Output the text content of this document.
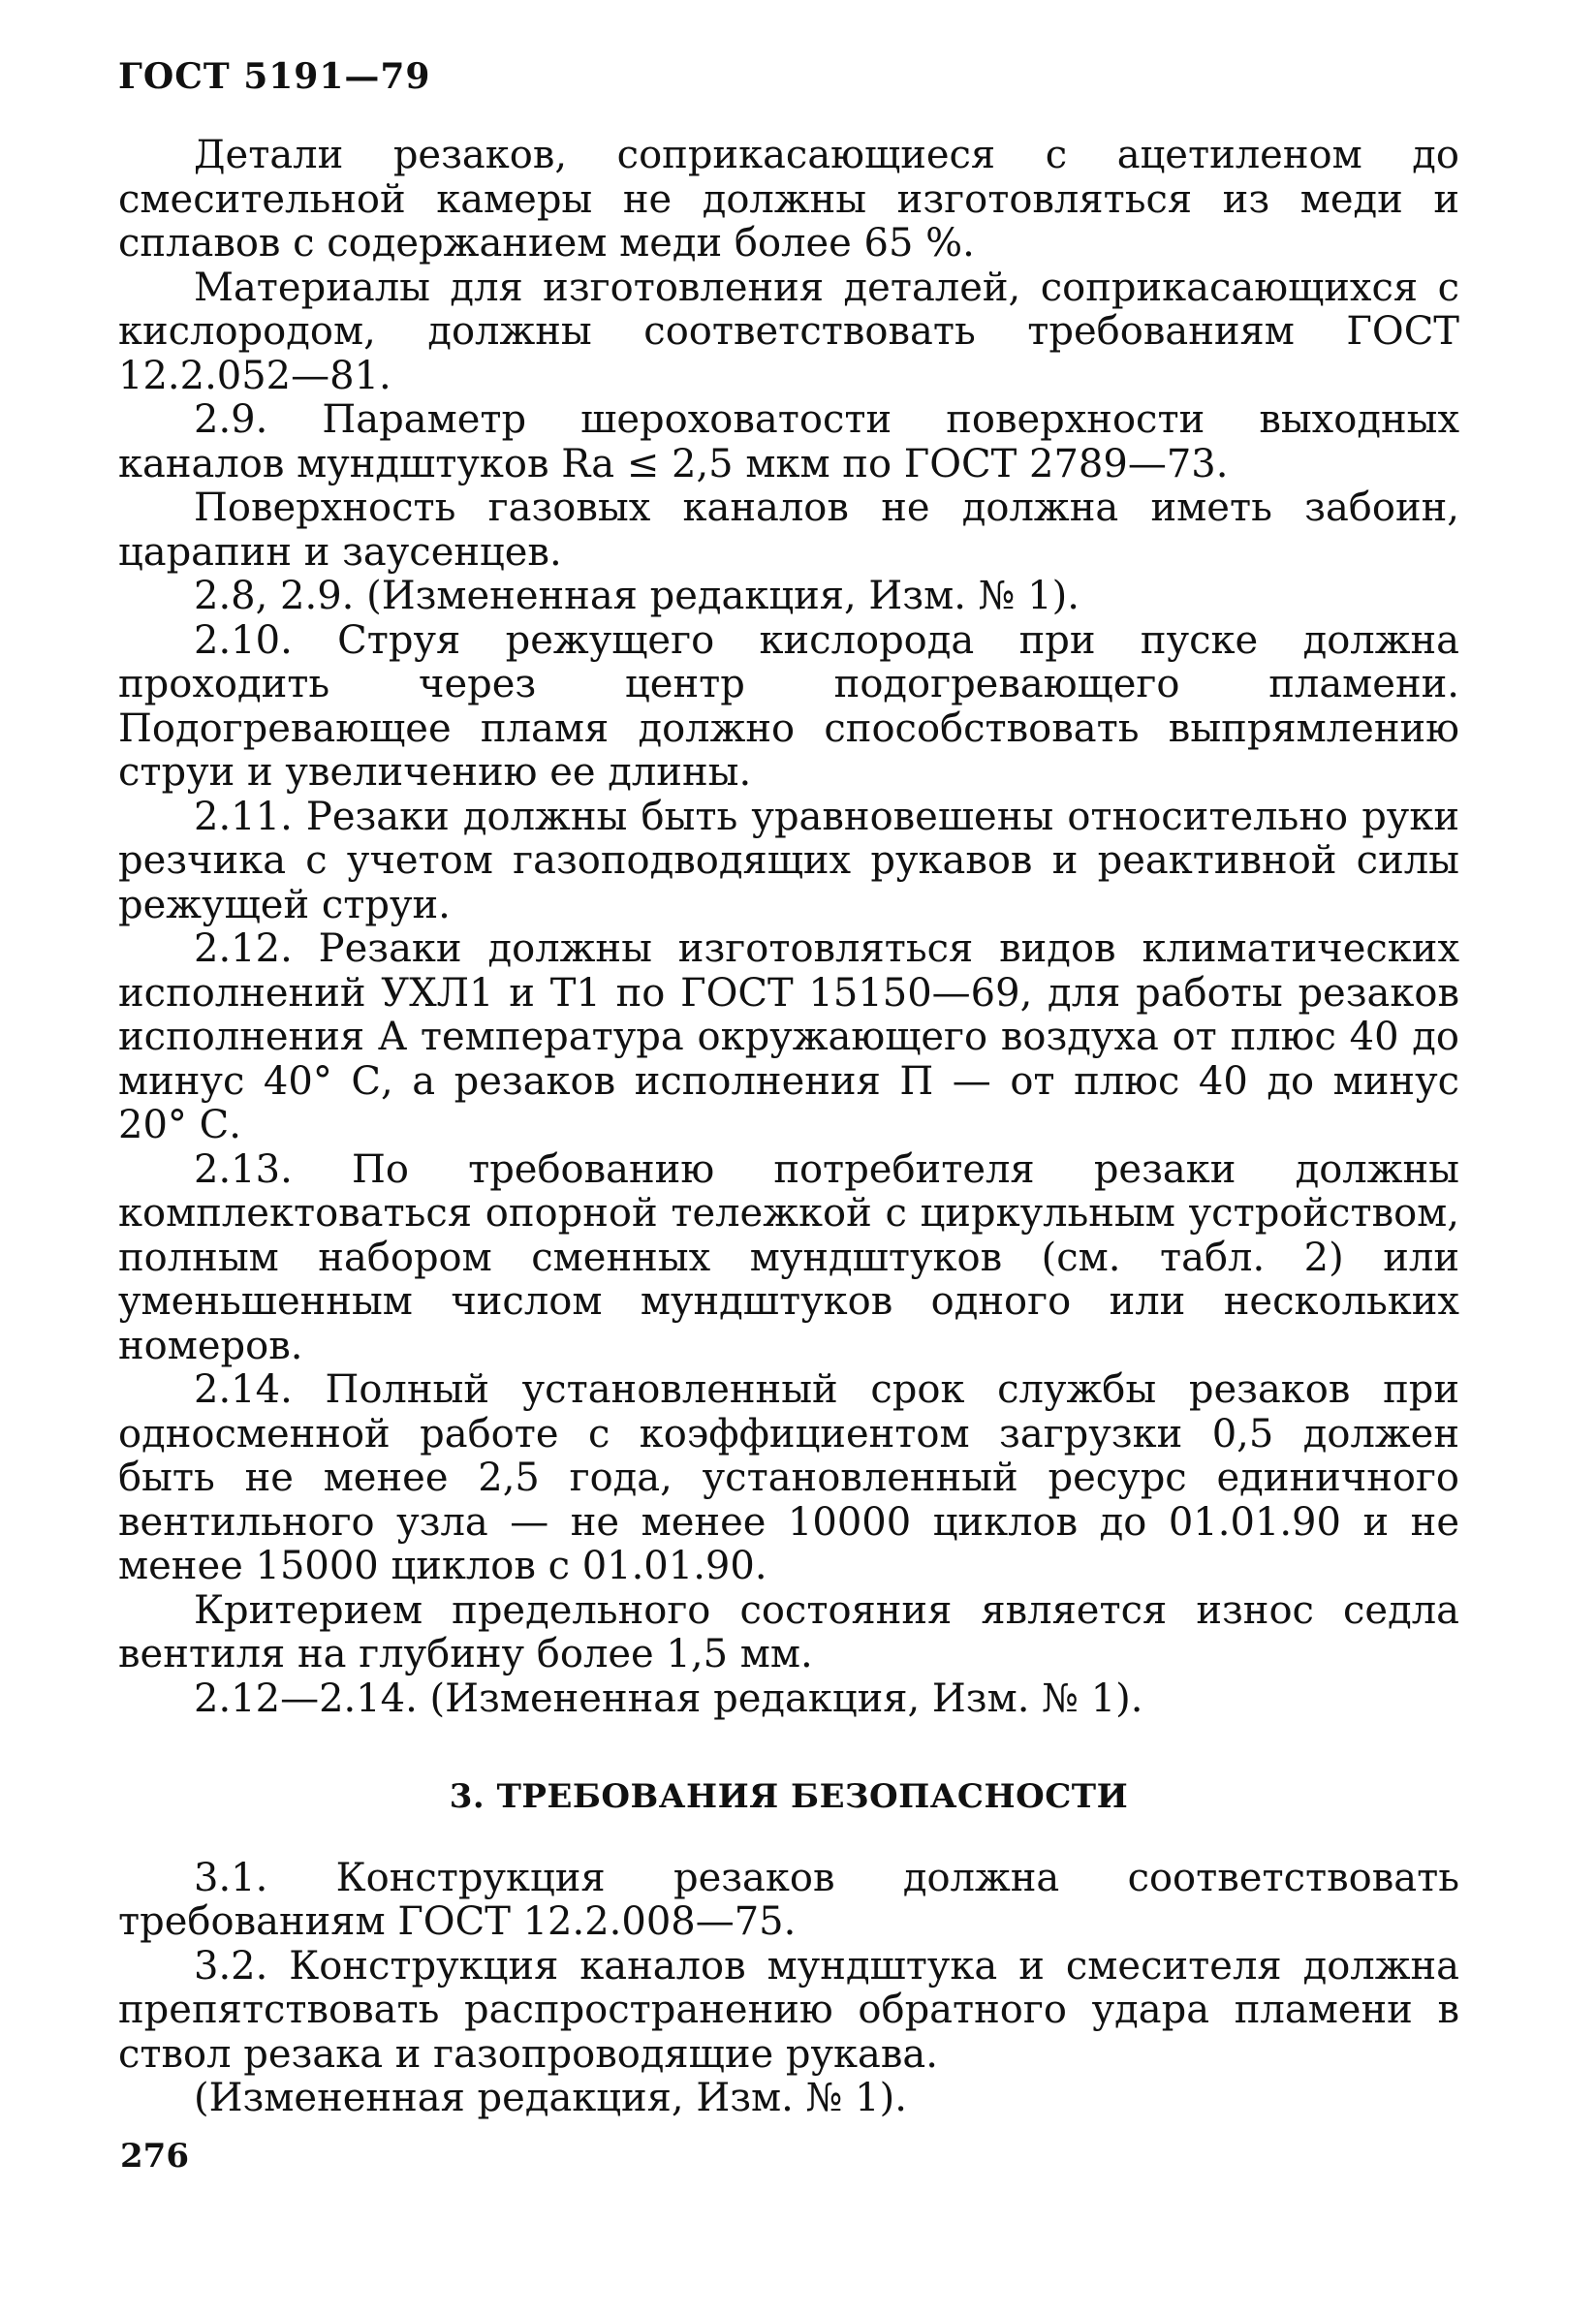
ГОСТ 5191—79

Детали резаков, соприкасающиеся с ацетиленом до смесительной камеры не должны изготовляться из меди и сплавов с содержанием меди более 65 %.

Материалы для изготовления деталей, соприкасающихся с кислородом, должны соответствовать требованиям ГОСТ 12.2.052—81.

2.9. Параметр шероховатости поверхности выходных каналов мундштуков Ra ≤ 2,5 мкм по ГОСТ 2789—73.

Поверхность газовых каналов не должна иметь забоин, царапин и заусенцев.

2.8, 2.9. (Измененная редакция, Изм. № 1).

2.10. Струя режущего кислорода при пуске должна проходить через центр подогревающего пламени. Подогревающее пламя должно способствовать выпрямлению струи и увеличению ее длины.

2.11. Резаки должны быть уравновешены относительно руки резчика с учетом газоподводящих рукавов и реактивной силы режущей струи.

2.12. Резаки должны изготовляться видов климатических исполнений УХЛ1 и Т1 по ГОСТ 15150—69, для работы резаков исполнения А температура окружающего воздуха от плюс 40 до минус 40° С, а резаков исполнения П — от плюс 40 до минус 20° С.

2.13. По требованию потребителя резаки должны комплектоваться опорной тележкой с циркульным устройством, полным набором сменных мундштуков (см. табл. 2) или уменьшенным числом мундштуков одного или нескольких номеров.

2.14. Полный установленный срок службы резаков при односменной работе с коэффициентом загрузки 0,5 должен быть не менее 2,5 года, установленный ресурс единичного вентильного узла — не менее 10000 циклов до 01.01.90 и не менее 15000 циклов с 01.01.90.

Критерием предельного состояния является износ седла вентиля на глубину более 1,5 мм.

2.12—2.14. (Измененная редакция, Изм. № 1).

3. ТРЕБОВАНИЯ БЕЗОПАСНОСТИ

3.1. Конструкция резаков должна соответствовать требованиям ГОСТ 12.2.008—75.

3.2. Конструкция каналов мундштука и смесителя должна препятствовать распространению обратного удара пламени в ствол резака и газопроводящие рукава.

(Измененная редакция, Изм. № 1).

276
